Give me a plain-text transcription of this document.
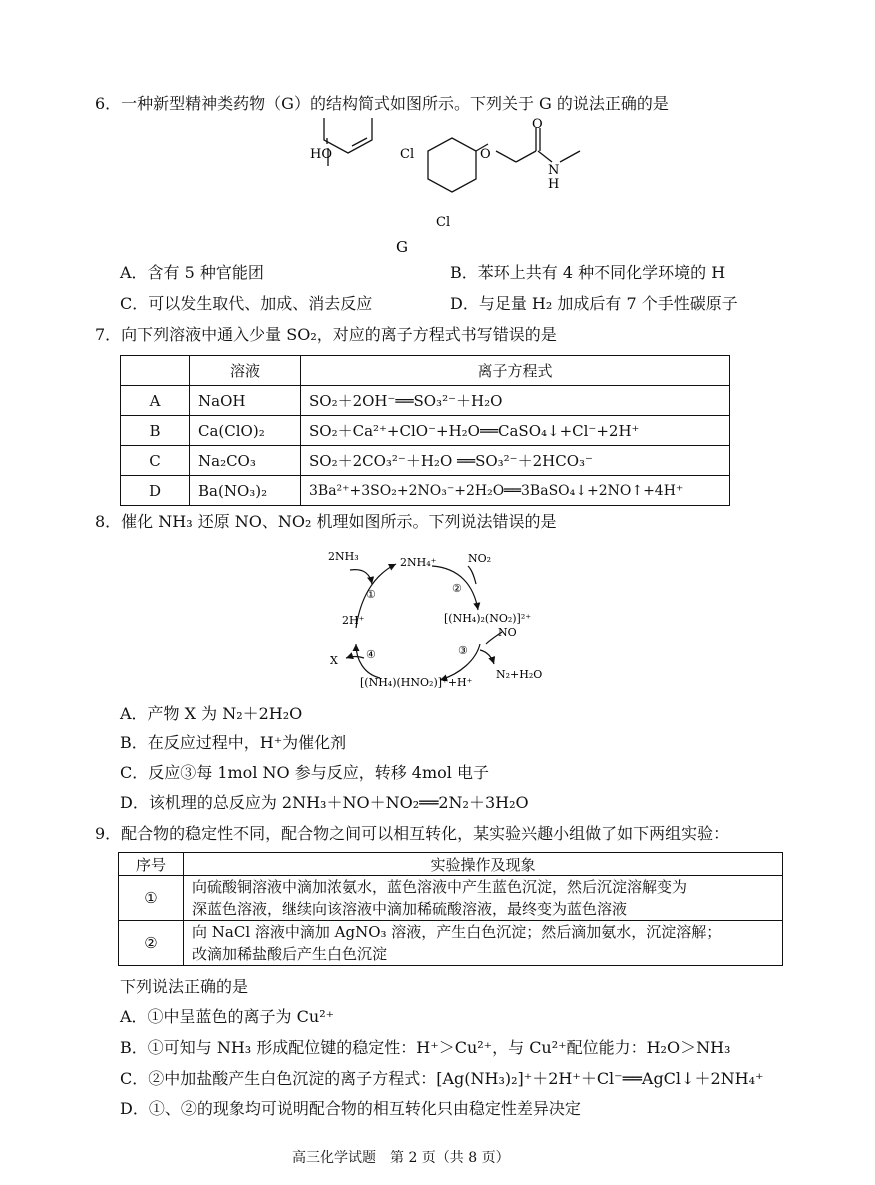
6．一种新型精神类药物（G）的结构简式如图所示。下列关于 G 的说法正确的是
HO	Cl
Cl
O
O
N
H
G
A．含有 5 种官能团	B．苯环上共有 4 种不同化学环境的 H
C．可以发生取代、加成、消去反应	D．与足量 H₂ 加成后有 7 个手性碳原子
7．向下列溶液中通入少量 SO₂，对应的离子方程式书写错误的是
	溶液	离子方程式
A	NaOH	SO₂＋2OH⁻══SO₃²⁻＋H₂O
B	Ca(ClO)₂	SO₂＋Ca²⁺+ClO⁻+H₂O══CaSO₄↓+Cl⁻+2H⁺
C	Na₂CO₃	SO₂＋2CO₃²⁻＋H₂O ══SO₃²⁻＋2HCO₃⁻
D	Ba(NO₃)₂	3Ba²⁺+3SO₂+2NO₃⁻+2H₂O══3BaSO₄↓+2NO↑+4H⁺
8．催化 NH₃ 还原 NO、NO₂ 机理如图所示。下列说法错误的是
2NH₃	2NH₄⁺	NO₂
①	②
[(NH₄)₂(NO₂)]²⁺
NO
③
N₂+H₂O
2H⁺
④
X
[(NH₄)(HNO₂)]⁺+H⁺
A．产物 X 为 N₂＋2H₂O
B．在反应过程中，H⁺为催化剂
C．反应③每 1mol NO 参与反应，转移 4mol 电子
D．该机理的总反应为 2NH₃＋NO＋NO₂══2N₂＋3H₂O
9．配合物的稳定性不同，配合物之间可以相互转化，某实验兴趣小组做了如下两组实验：
序号	实验操作及现象
①	向硫酸铜溶液中滴加浓氨水，蓝色溶液中产生蓝色沉淀，然后沉淀溶解变为
深蓝色溶液，继续向该溶液中滴加稀硫酸溶液，最终变为蓝色溶液

②	向 NaCl 溶液中滴加 AgNO₃ 溶液，产生白色沉淀；然后滴加氨水，沉淀溶解；
改滴加稀盐酸后产生白色沉淀
下列说法正确的是
A．①中呈蓝色的离子为 Cu²⁺
B．①可知与 NH₃ 形成配位键的稳定性：H⁺＞Cu²⁺，与 Cu²⁺配位能力：H₂O＞NH₃
C．②中加盐酸产生白色沉淀的离子方程式：[Ag(NH₃)₂]⁺＋2H⁺＋Cl⁻══AgCl↓＋2NH₄⁺
D．①、②的现象均可说明配合物的相互转化只由稳定性差异决定
高三化学试题　第 2 页（共 8 页）
